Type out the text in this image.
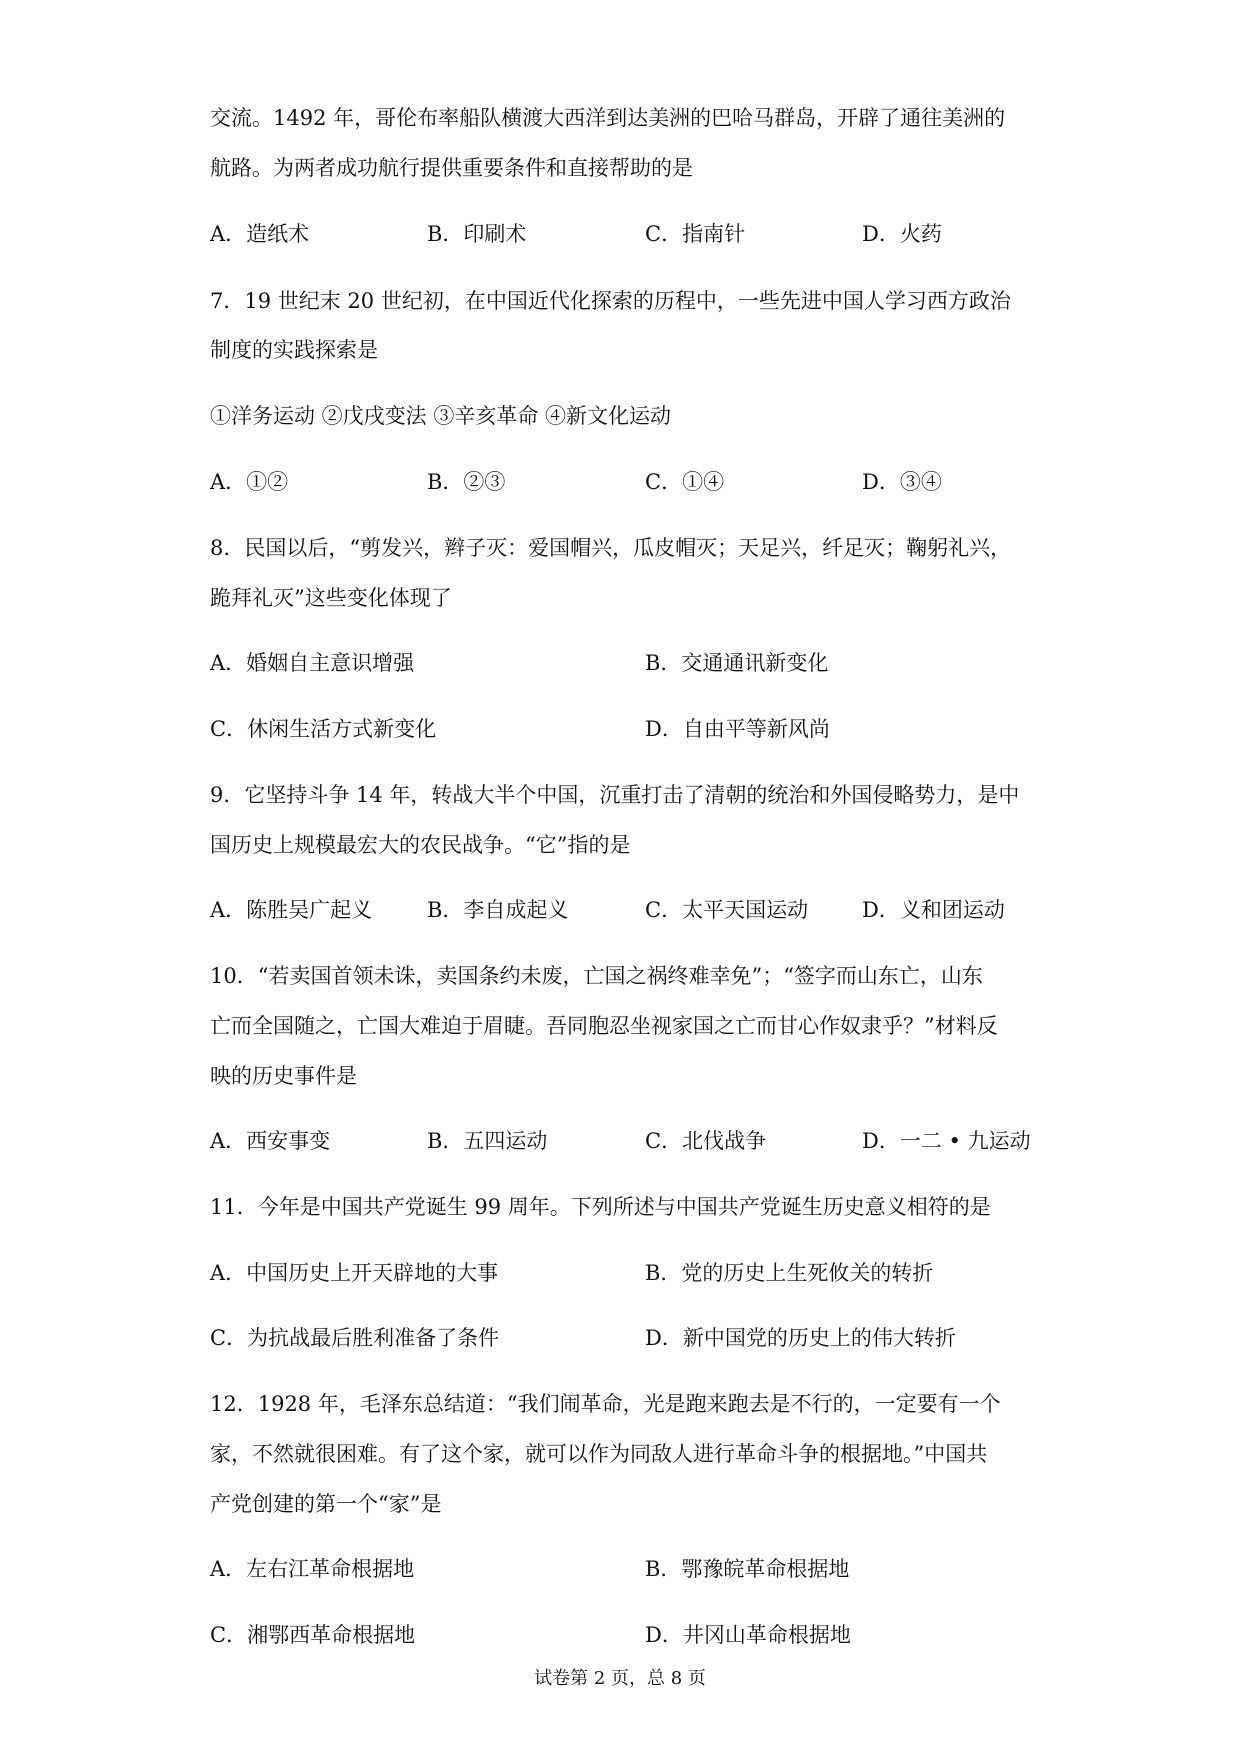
交流。1492 年，哥伦布率船队横渡大西洋到达美洲的巴哈马群岛，开辟了通往美洲的
航路。为两者成功航行提供重要条件和直接帮助的是
A．造纸术	B．印刷术	C．指南针	D．火药
7．19 世纪末 20 世纪初，在中国近代化探索的历程中，一些先进中国人学习西方政治
制度的实践探索是
①洋务运动 ②戊戌变法 ③辛亥革命 ④新文化运动
A．①②	B．②③	C．①④	D．③④
8．民国以后，“剪发兴，辫子灭：爱国帽兴，瓜皮帽灭；天足兴，纤足灭；鞠躬礼兴，
跪拜礼灭”这些变化体现了
A．婚姻自主意识增强	B．交通通讯新变化
C．休闲生活方式新变化	D．自由平等新风尚
9．它坚持斗争 14 年，转战大半个中国，沉重打击了清朝的统治和外国侵略势力，是中
国历史上规模最宏大的农民战争。“它”指的是
A．陈胜吴广起义	B．李自成起义	C．太平天国运动	D．义和团运动
10．“若卖国首领未诛，卖国条约未废，亡国之祸终难幸免”；“签字而山东亡，山东
亡而全国随之，亡国大难迫于眉睫。吾同胞忍坐视家国之亡而甘心作奴隶乎？”材料反
映的历史事件是
A．西安事变	B．五四运动	C．北伐战争	D．一二 • 九运动
11．今年是中国共产党诞生 99 周年。下列所述与中国共产党诞生历史意义相符的是
A．中国历史上开天辟地的大事	B．党的历史上生死攸关的转折
C．为抗战最后胜利准备了条件	D．新中国党的历史上的伟大转折
12．1928 年，毛泽东总结道：“我们闹革命，光是跑来跑去是不行的，一定要有一个
家，不然就很困难。有了这个家，就可以作为同敌人进行革命斗争的根据地。”中国共
产党创建的第一个“家”是
A．左右江革命根据地	B．鄂豫皖革命根据地
C．湘鄂西革命根据地	D．井冈山革命根据地
试卷第 2 页，总 8 页
